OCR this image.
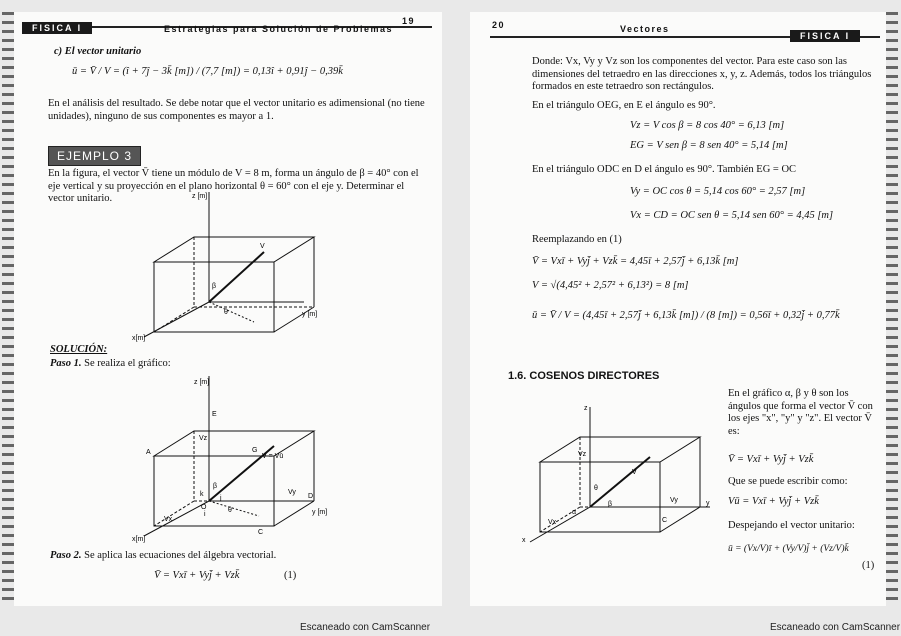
FISICA I	Estrategias para Solución de Problemas
19
c) El vector unitario
ū = V̄ / V = (î + 7ĵ − 3k̄ [m]) / (7,7 [m]) = 0,13î + 0,91ĵ − 0,39k̄
En el análisis del resultado. Se debe notar que el vector unitario es adimensional (no tiene unidades), ninguno de sus componentes es mayor a 1.
EJEMPLO 3
En la figura, el vector V̄ tiene un módulo de V = 8 m, forma un ángulo de β = 40° con el eje vertical y su proyección en el plano horizontal θ = 60° con el eje y. Determinar el vector unitario.	z [m]
y [m]
x[m]
V
β
θ
SOLUCIÓN:
Paso 1. Se realiza el gráfico:
z [m]
y [m]
x[m]
E
A	G
D
C
O
V = Vū
Vz
Vy
Vx
β
θ
k
j
i
Paso 2. Se aplica las ecuaciones del álgebra vectorial.
V̄ = Vxī + Vyj̄ + Vzk̄	(1)
20	Vectores
FISICA I
Donde: Vx, Vy y Vz son los componentes del vector. Para este caso son las dimensiones del tetraedro en las direcciones x, y, z. Además, todos los triángulos formados en este tetraedro son rectángulos.
En el triángulo OEG, en E el ángulo es 90°.
Vz = V cos β = 8 cos 40° = 6,13 [m]
EG = V sen β = 8 sen 40° = 5,14 [m]
En el triángulo ODC en D el ángulo es 90°. También EG = OC
Vy = OC cos θ = 5,14 cos 60° = 2,57 [m]
Vx = CD = OC sen θ = 5,14 sen 60° = 4,45 [m]
Reemplazando en (1)
V̄ = Vxī + Vyj̄ + Vzk̄ = 4,45ī + 2,57j̄ + 6,13k̄ [m]
V = √(4,45² + 2,57² + 6,13²) = 8 [m]
ū = V̄ / V = (4,45ī + 2,57j̄ + 6,13k̄ [m]) / (8 [m]) = 0,56ī + 0,32j̄ + 0,77k̄
1.6. COSENOS DIRECTORES
z
y
x
Vz
Vy
Vx
V
α
β
θ
C
En el gráfico α, β y θ son los ángulos que forma el vector V̄ con los ejes "x", "y" y "z". El vector V̄ es:
V̄ = Vxī + Vyj̄ + Vzk̄
Que se puede escribir como:
Vū = Vxī + Vyj̄ + Vzk̄
Despejando el vector unitario:
ū = (Vx/V)ī + (Vy/V)j̄ + (Vz/V)k̄
(1)
Escaneado con CamScanner	Escaneado con CamScanner
